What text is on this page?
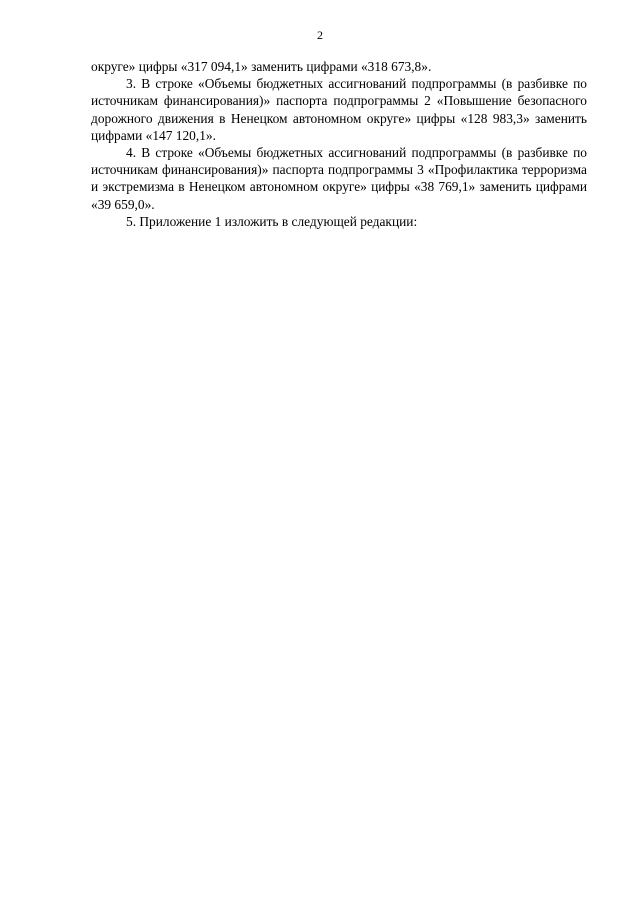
2

округе» цифры «317 094,1» заменить цифрами «318 673,8».

3. В строке «Объемы бюджетных ассигнований подпрограммы (в разбивке по источникам финансирования)» паспорта подпрограммы 2 «Повышение безопасного дорожного движения в Ненецком автономном округе» цифры «128 983,3» заменить цифрами «147 120,1».

4. В строке «Объемы бюджетных ассигнований подпрограммы (в разбивке по источникам финансирования)» паспорта подпрограммы 3 «Профилактика терроризма и экстремизма в Ненецком автономном округе» цифры «38 769,1» заменить цифрами «39 659,0».

5. Приложение 1 изложить в следующей редакции:
